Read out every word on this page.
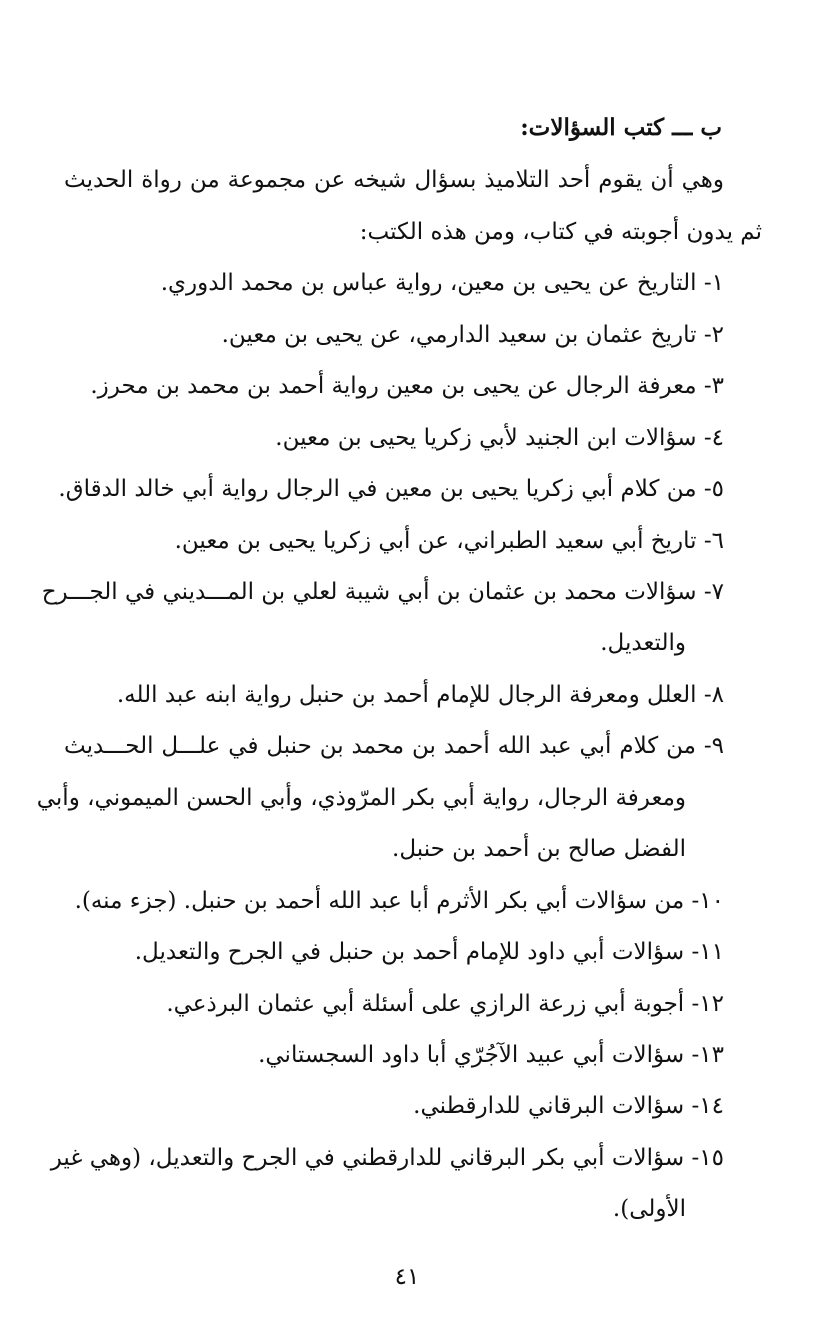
ب ـــ كتب السؤالات:
وهي أن يقوم أحد التلاميذ بسؤال شيخه عن مجموعة من رواة الحديث
ثم يدون أجوبته في كتاب، ومن هذه الكتب:
١- التاريخ عن يحيى بن معين، رواية عباس بن محمد الدوري.
٢- تاريخ عثمان بن سعيد الدارمي، عن يحيى بن معين.
٣- معرفة الرجال عن يحيى بن معين رواية أحمد بن محمد بن محرز.
٤- سؤالات ابن الجنيد لأبي زكريا يحيى بن معين.
٥- من كلام أبي زكريا يحيى بن معين في الرجال رواية أبي خالد الدقاق.
٦- تاريخ أبي سعيد الطبراني، عن أبي زكريا يحيى بن معين.
٧- سؤالات محمد بن عثمان بن أبي شيبة لعلي بن المـــديني في الجـــرح
والتعديل.
٨- العلل ومعرفة الرجال للإمام أحمد بن حنبل رواية ابنه عبد الله.
٩- من كلام أبي عبد الله أحمد بن محمد بن حنبل في علـــل الحـــديث
ومعرفة الرجال، رواية أبي بكر المرّوذي، وأبي الحسن الميموني، وأبي
الفضل صالح بن أحمد بن حنبل.
١٠- من سؤالات أبي بكر الأثرم أبا عبد الله أحمد بن حنبل. (جزء منه).
١١- سؤالات أبي داود للإمام أحمد بن حنبل في الجرح والتعديل.
١٢- أجوبة أبي زرعة الرازي على أسئلة أبي عثمان البرذعي.
١٣- سؤالات أبي عبيد الآجُرّي أبا داود السجستاني.
١٤- سؤالات البرقاني للدارقطني.
١٥- سؤالات أبي بكر البرقاني للدارقطني في الجرح والتعديل، (وهي غير
الأولى).
٤١
